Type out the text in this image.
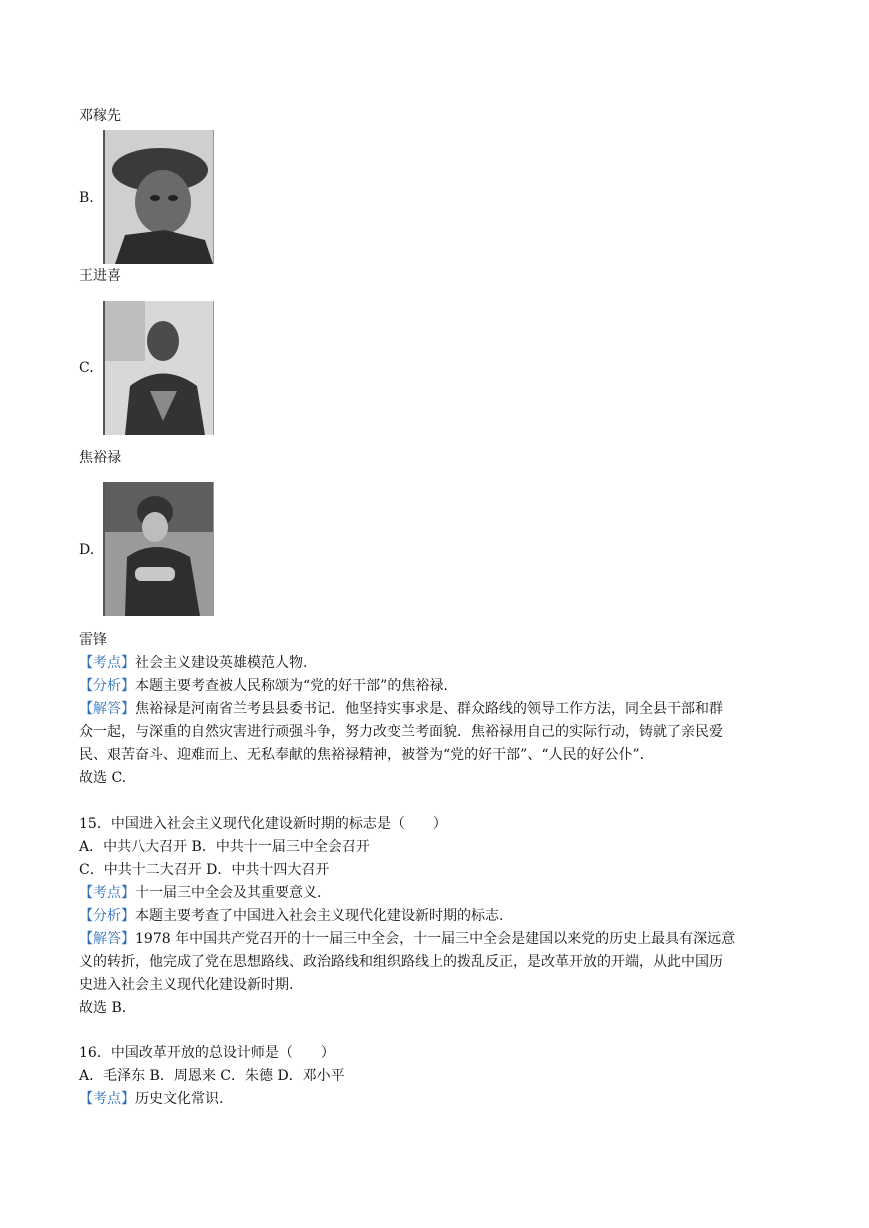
邓稼先
B.
王进喜
C.
焦裕禄
D.
雷锋
【考点】社会主义建设英雄模范人物.
【分析】本题主要考查被人民称颂为“党的好干部”的焦裕禄.
【解答】焦裕禄是河南省兰考县县委书记．他坚持实事求是、群众路线的领导工作方法，同全县干部和群
众一起，与深重的自然灾害进行顽强斗争，努力改变兰考面貌．焦裕禄用自己的实际行动，铸就了亲民爱
民、艰苦奋斗、迎难而上、无私奉献的焦裕禄精神，被誉为“党的好干部”、“人民的好公仆”．
故选 C.
15．中国进入社会主义现代化建设新时期的标志是（　　）
A．中共八大召开 B．中共十一届三中全会召开
C．中共十二大召开 D．中共十四大召开
【考点】十一届三中全会及其重要意义.
【分析】本题主要考查了中国进入社会主义现代化建设新时期的标志.
【解答】1978 年中国共产党召开的十一届三中全会，十一届三中全会是建国以来党的历史上最具有深远意
义的转折，他完成了党在思想路线、政治路线和组织路线上的拨乱反正，是改革开放的开端，从此中国历
史进入社会主义现代化建设新时期.
故选 B.
16．中国改革开放的总设计师是（　　）
A．毛泽东 B．周恩来 C．朱德 D．邓小平
【考点】历史文化常识.
